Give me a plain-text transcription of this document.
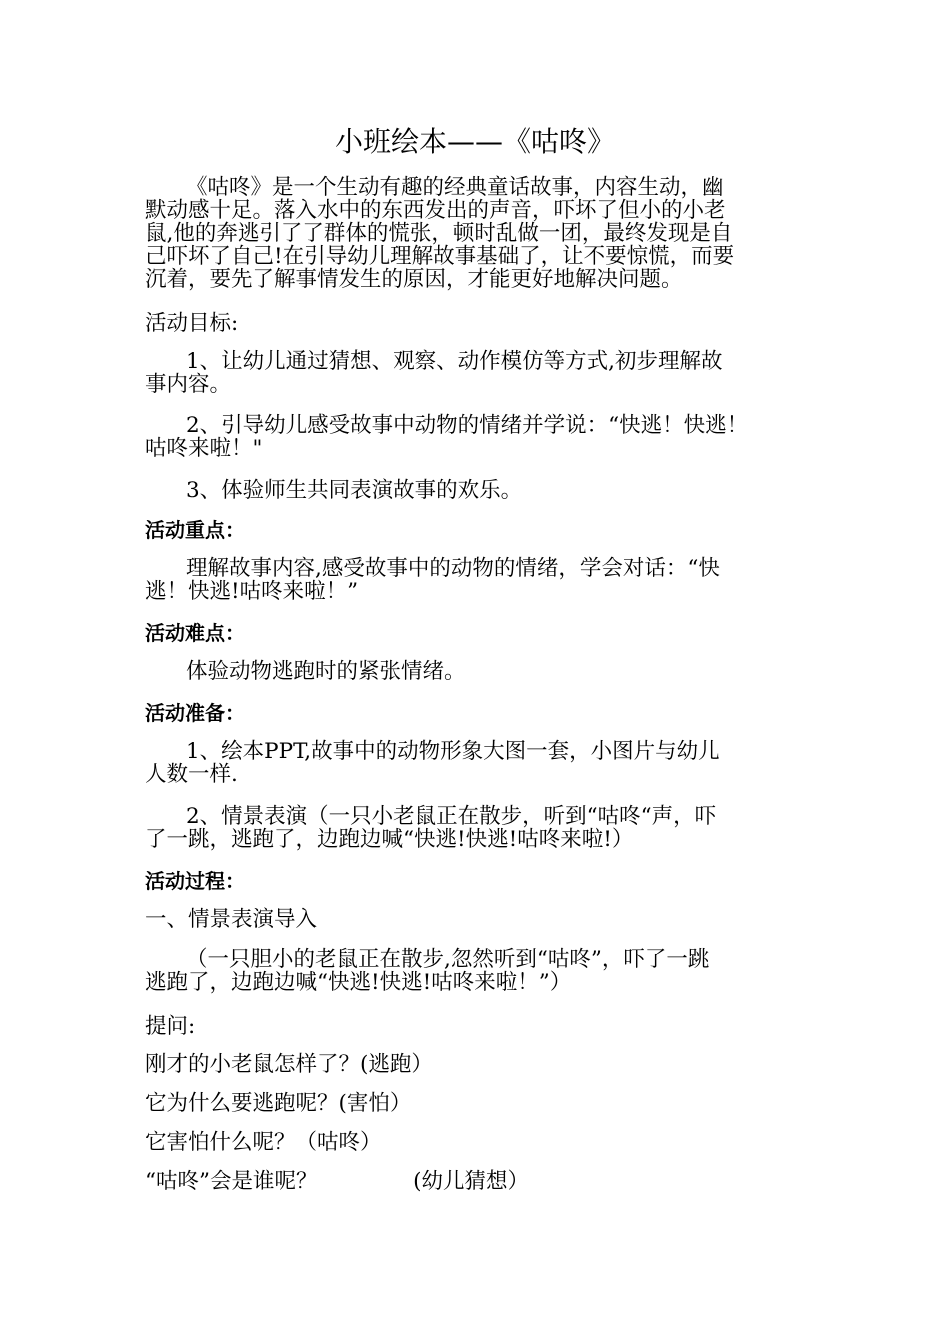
小班绘本——《咕咚》
《咕咚》是一个生动有趣的经典童话故事，内容生动，幽
默动感十足。落入水中的东西发出的声音，吓坏了但小的小老
鼠,他的奔逃引了了群体的慌张，顿时乱做一团，最终发现是自
己吓坏了自己!在引导幼儿理解故事基础了，让不要惊慌，而要
沉着，要先了解事情发生的原因，才能更好地解决问题。
活动目标:
1、让幼儿通过猜想、观察、动作模仿等方式,初步理解故
事内容。
2、引导幼儿感受故事中动物的情绪并学说：“快逃！快逃！
咕咚来啦！"
3、体验师生共同表演故事的欢乐。
活动重点：
理解故事内容,感受故事中的动物的情绪，学会对话：“快
逃！快逃!咕咚来啦！”
活动难点：
体验动物逃跑时的紧张情绪。
活动准备：
1、绘本PPT,故事中的动物形象大图一套，小图片与幼儿
人数一样.
2、情景表演（一只小老鼠正在散步，听到“咕咚“声，吓
了一跳，逃跑了，边跑边喊“快逃!快逃!咕咚来啦!）
活动过程：
一、情景表演导入
（一只胆小的老鼠正在散步,忽然听到“咕咚”，吓了一跳
逃跑了，边跑边喊“快逃!快逃!咕咚来啦！”）
提问:
刚才的小老鼠怎样了？(逃跑）
它为什么要逃跑呢？(害怕）
它害怕什么呢？（咕咚）
“咕咚”会是谁呢？              (幼儿猜想）
